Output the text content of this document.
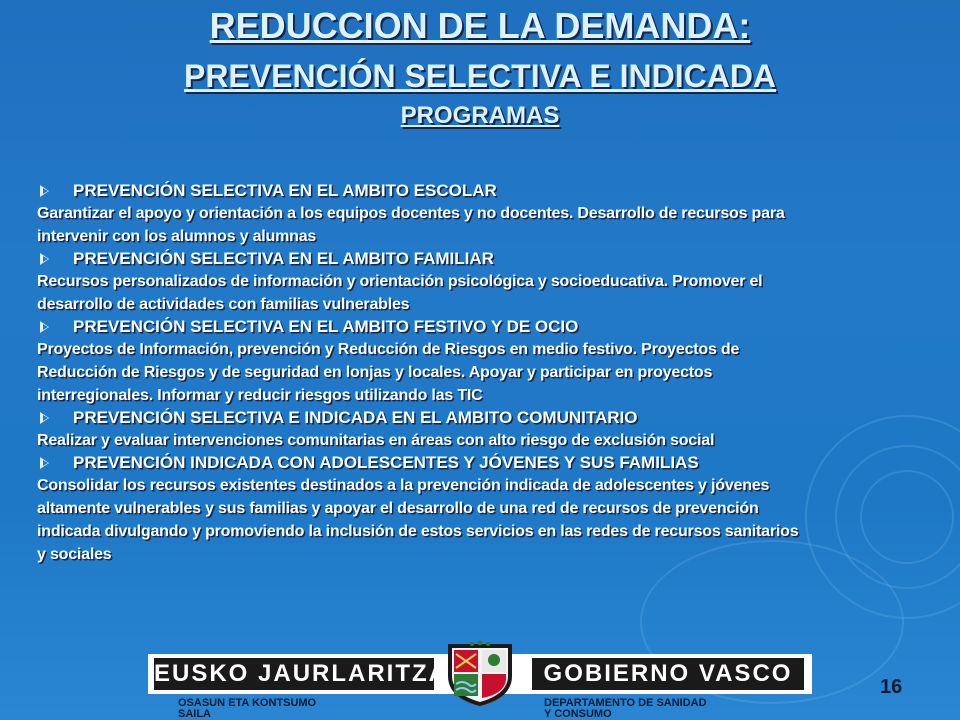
REDUCCION DE LA DEMANDA:
PREVENCIÓN SELECTIVA E INDICADA
PROGRAMAS
PREVENCIÓN SELECTIVA EN EL AMBITO ESCOLAR
Garantizar el apoyo y orientación a los equipos docentes y no docentes. Desarrollo de recursos para
intervenir con los alumnos y alumnas
PREVENCIÓN SELECTIVA EN EL AMBITO FAMILIAR
Recursos personalizados de información y orientación psicológica y socioeducativa. Promover el
desarrollo de actividades con familias vulnerables
PREVENCIÓN SELECTIVA EN EL AMBITO FESTIVO Y DE OCIO
Proyectos de Información, prevención y Reducción de Riesgos en medio festivo. Proyectos de
Reducción de Riesgos y de seguridad en lonjas y locales. Apoyar y participar en proyectos
interregionales. Informar y reducir riesgos utilizando las TIC
PREVENCIÓN SELECTIVA E INDICADA EN EL AMBITO COMUNITARIO
Realizar y evaluar intervenciones comunitarias en áreas con alto riesgo de exclusión social
PREVENCIÓN INDICADA CON ADOLESCENTES Y JÓVENES Y SUS FAMILIAS
Consolidar los recursos existentes destinados a la prevención indicada de adolescentes y jóvenes
altamente vulnerables y sus familias y apoyar el desarrollo de una red de recursos de prevención
indicada divulgando y promoviendo la inclusión de estos servicios en las redes de recursos sanitarios
y sociales
EUSKO JAURLARITZA	GOBIERNO VASCO
OSASUN ETA KONTSUMO
SAILA
DEPARTAMENTO DE SANIDAD
Y CONSUMO
16
